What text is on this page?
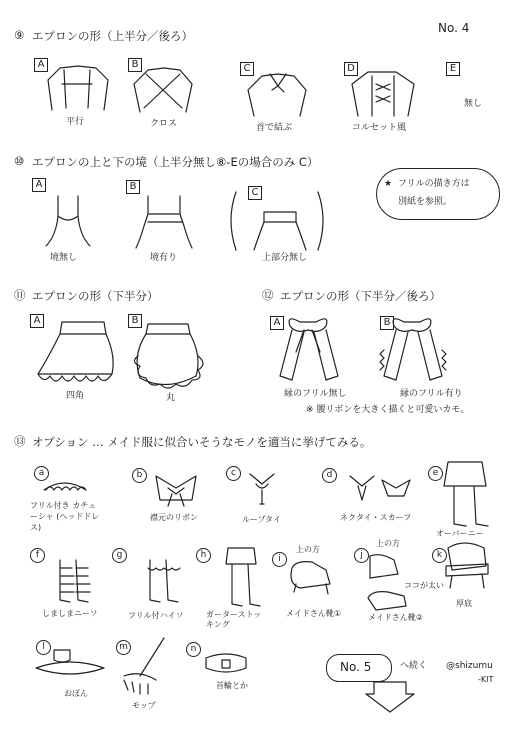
No. 4
⑨ エプロンの形（上半分／後ろ）
A	B	C	D	E
平行	クロス	首で結ぶ	コルセット風
無し
⑩ エプロンの上と下の境（上半分無し⑧-Eの場合のみ C）
A	B
C
境無し	境有り	上部分無し
★ フリルの描き方は
別紙を参照。
⑪ エプロンの形（下半分）
A	B
四角	丸
⑫ エプロンの形（下半分／後ろ）
A	B
縁のフリル無し	縁のフリル有り
※ 腰リボンを大きく描くと可愛いカモ。
⑬ オプション … メイド服に似合いそうなモノを適当に挙げてみる。
a	b	c	d	e
フリル付き カチューシャ (ヘッドドレス)
襟元のリボン	ループタイ	ネクタイ・スカーフ
オーバーニー
f	g	h	i	j	k
上の方
上の方
ココが太い
しましまニーソ	フリル付ハイソ	ガーターストッキング
メイドさん靴①	メイドさん靴②
厚底
l	m	n
おぼん
モップ
首輪とか
No. 5	へ続く @shizumu
-KIT
